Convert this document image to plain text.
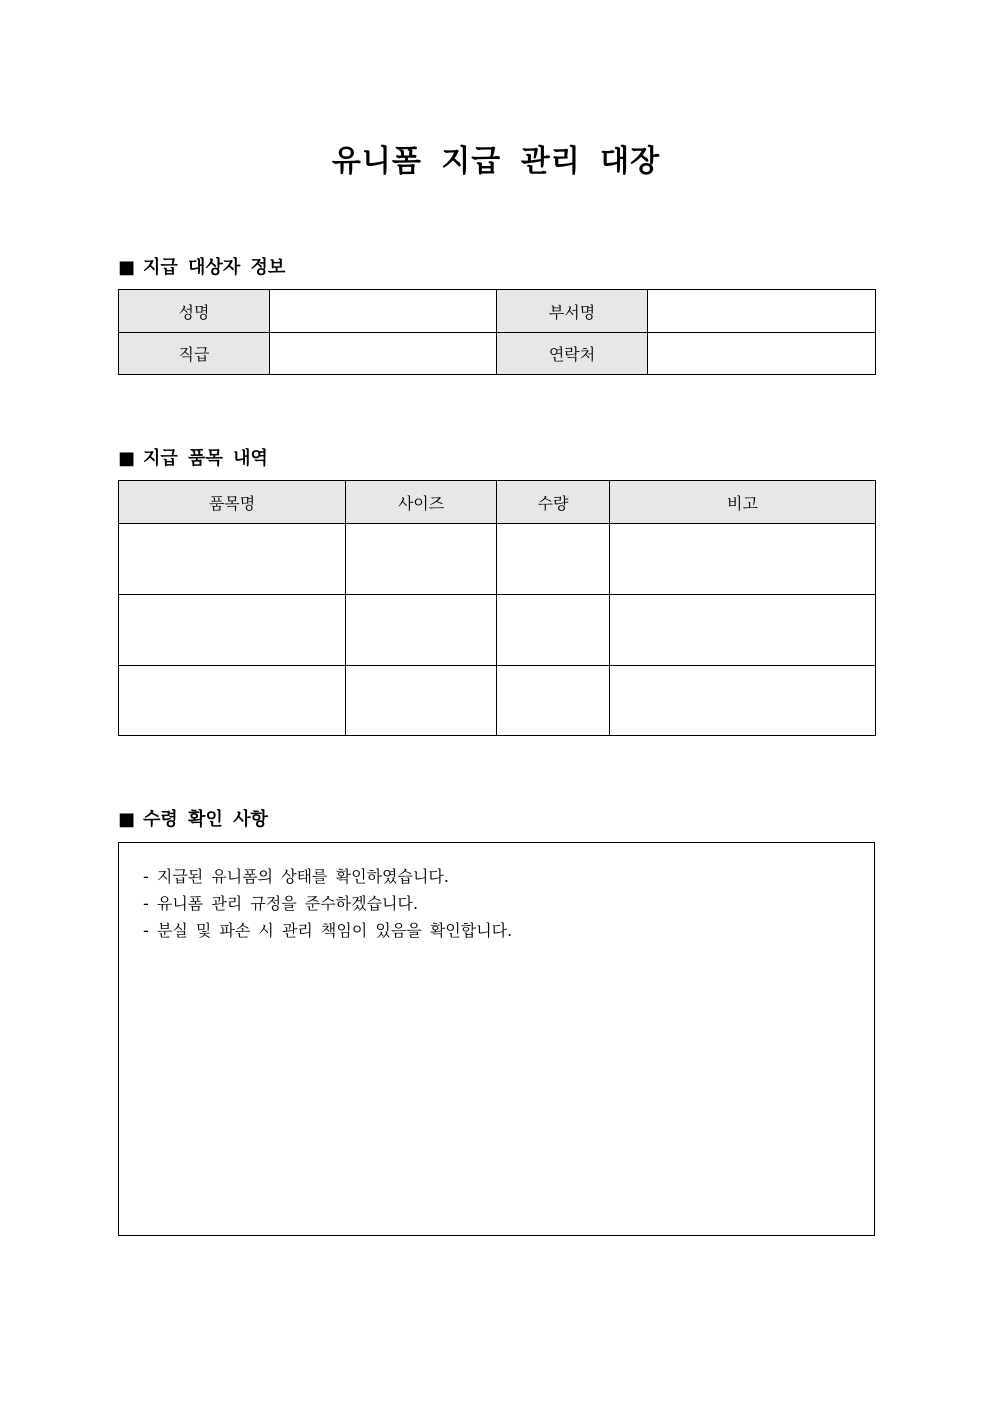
유니폼 지급 관리 대장
■ 지급 대상자 정보
성명		부서명	
직급		연락처	
■ 지급 품목 내역
품목명	사이즈	수량	비고

■ 수령 확인 사항
- 지급된 유니폼의 상태를 확인하였습니다.
- 유니폼 관리 규정을 준수하겠습니다.
- 분실 및 파손 시 관리 책임이 있음을 확인합니다.
